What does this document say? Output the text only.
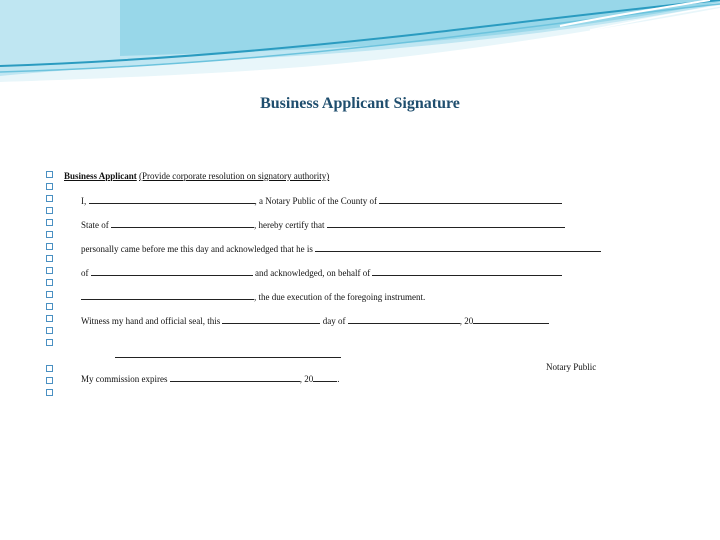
Business Applicant Signature
Business Applicant (Provide corporate resolution on signatory authority)
I,	, a Notary Public of the County of
State of	, hereby certify that
personally came before me this day and acknowledged that he is
of	and acknowledged, on behalf of
, the due execution of the foregoing instrument.
Witness my hand and official seal, this	day of	, 20
Notary Public
My commission expires	, 20	.
